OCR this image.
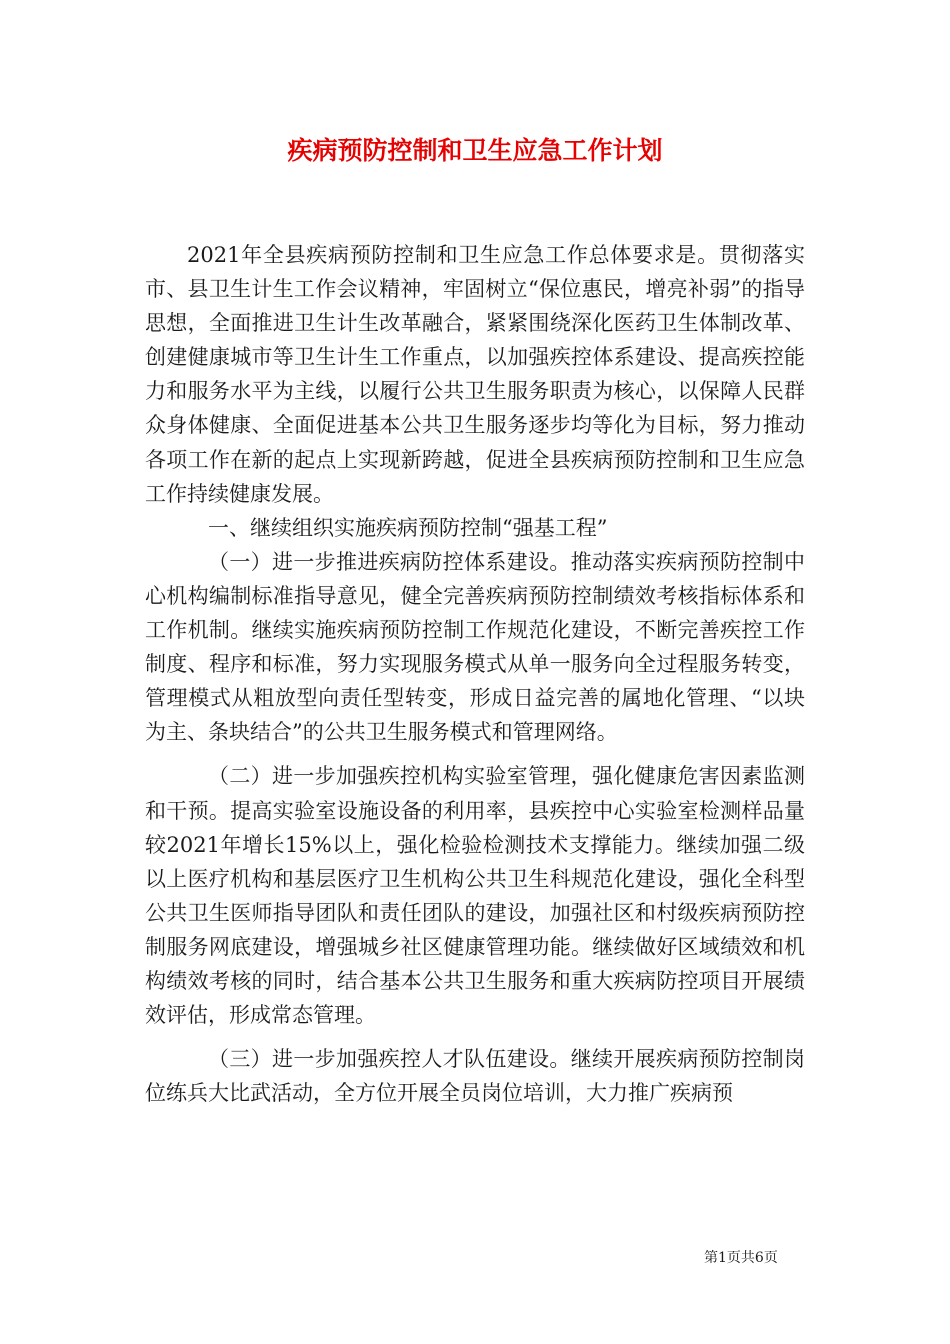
疾病预防控制和卫生应急工作计划

2021年全县疾病预防控制和卫生应急工作总体要求是。贯彻落实市、县卫生计生工作会议精神，牢固树立“保位惠民，增亮补弱”的指导思想，全面推进卫生计生改革融合，紧紧围绕深化医药卫生体制改革、创建健康城市等卫生计生工作重点，以加强疾控体系建设、提高疾控能力和服务水平为主线，以履行公共卫生服务职责为核心，以保障人民群众身体健康、全面促进基本公共卫生服务逐步均等化为目标，努力推动各项工作在新的起点上实现新跨越，促进全县疾病预防控制和卫生应急工作持续健康发展。

一、继续组织实施疾病预防控制“强基工程”

（一）进一步推进疾病防控体系建设。推动落实疾病预防控制中心机构编制标准指导意见，健全完善疾病预防控制绩效考核指标体系和工作机制。继续实施疾病预防控制工作规范化建设，不断完善疾控工作制度、程序和标准，努力实现服务模式从单一服务向全过程服务转变，管理模式从粗放型向责任型转变，形成日益完善的属地化管理、“以块为主、条块结合”的公共卫生服务模式和管理网络。

（二）进一步加强疾控机构实验室管理，强化健康危害因素监测和干预。提高实验室设施设备的利用率，县疾控中心实验室检测样品量较2021年增长15%以上，强化检验检测技术支撑能力。继续加强二级以上医疗机构和基层医疗卫生机构公共卫生科规范化建设，强化全科型公共卫生医师指导团队和责任团队的建设，加强社区和村级疾病预防控制服务网底建设，增强城乡社区健康管理功能。继续做好区域绩效和机构绩效考核的同时，结合基本公共卫生服务和重大疾病防控项目开展绩效评估，形成常态管理。

（三）进一步加强疾控人才队伍建设。继续开展疾病预防控制岗位练兵大比武活动，全方位开展全员岗位培训，大力推广疾病预

第1页共6页
